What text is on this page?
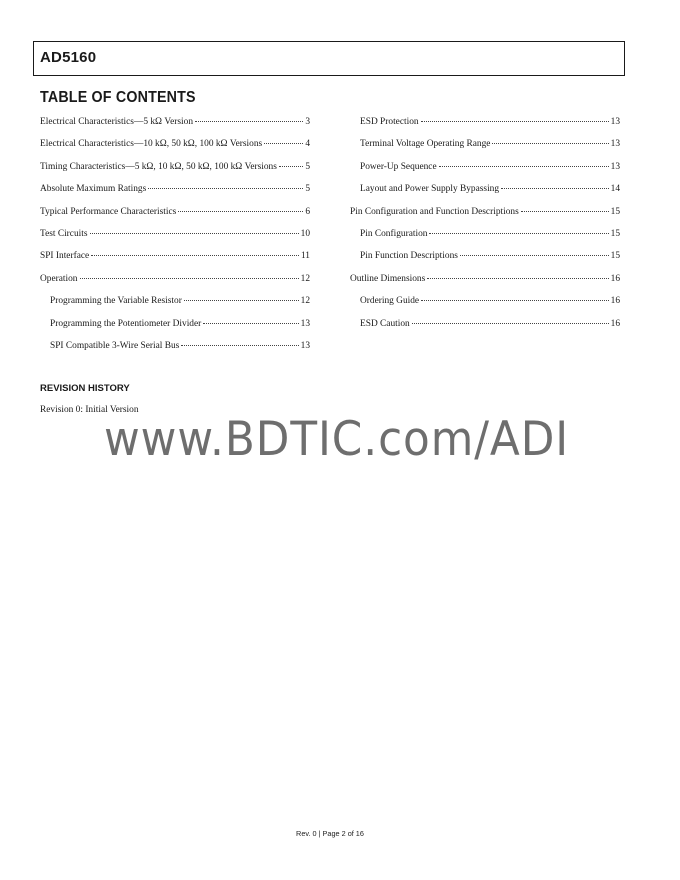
AD5160
TABLE OF CONTENTS
Electrical Characteristics—5 kΩ Version	3
Electrical Characteristics—10 kΩ, 50 kΩ, 100 kΩ Versions	4
Timing Characteristics—5 kΩ, 10 kΩ, 50 kΩ, 100 kΩ Versions	5
Absolute Maximum Ratings	5
Typical Performance Characteristics	6
Test Circuits	10
SPI Interface	11
Operation	12
Programming the Variable Resistor	12
Programming the Potentiometer Divider	13
SPI Compatible 3-Wire Serial Bus	13
ESD Protection	13
Terminal Voltage Operating Range	13
Power-Up Sequence	13
Layout and Power Supply Bypassing	14
Pin Configuration and Function Descriptions	15
Pin Configuration	15
Pin Function Descriptions	15
Outline Dimensions	16
Ordering Guide	16
ESD Caution	16
REVISION HISTORY
Revision 0: Initial Version
www.BDTIC.com/ADI
Rev. 0 | Page 2 of 16
